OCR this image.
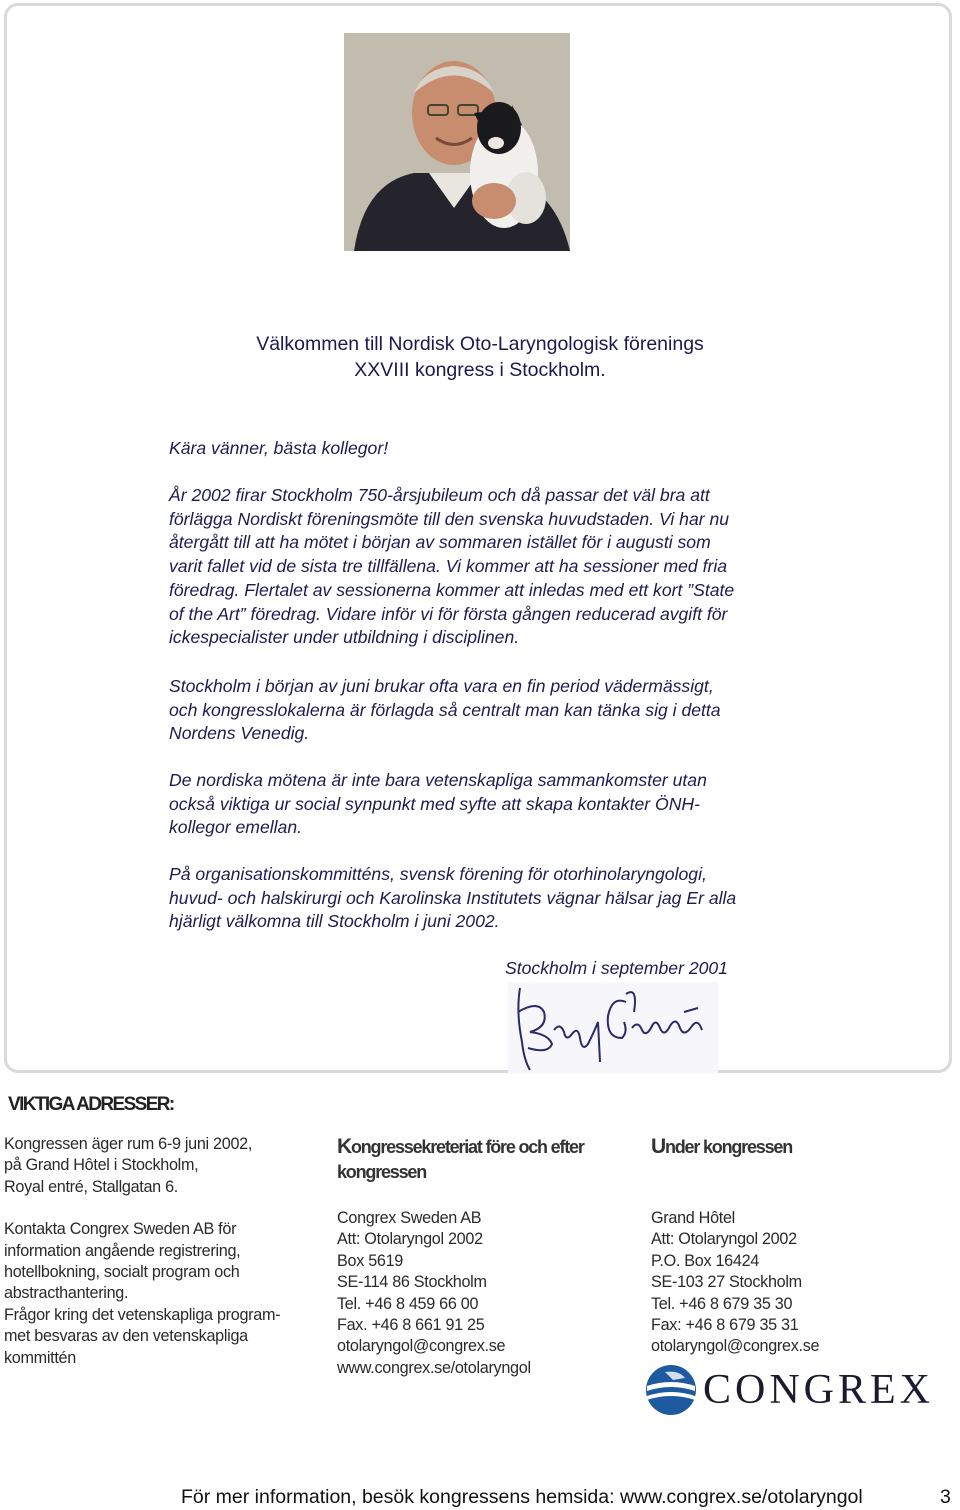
Välkommen till Nordisk Oto-Laryngologisk förenings
XXVIII kongress i Stockholm.
Kära vänner, bästa kollegor!
År 2002 firar Stockholm 750-årsjubileum och då passar det väl bra att
förlägga Nordiskt föreningsmöte till den svenska huvudstaden. Vi har nu
återgått till att ha mötet i början av sommaren istället för i augusti som
varit fallet vid de sista tre tillfällena. Vi kommer att ha sessioner med fria
föredrag. Flertalet av sessionerna kommer att inledas med ett kort ”State
of the Art” föredrag. Vidare inför vi för första gången reducerad avgift för
ickespecialister under utbildning i disciplinen.
Stockholm i början av juni brukar ofta vara en fin period vädermässigt,
och kongresslokalerna är förlagda så centralt man kan tänka sig i detta
Nordens Venedig.
De nordiska mötena är inte bara vetenskapliga sammankomster utan
också viktiga ur social synpunkt med syfte att skapa kontakter ÖNH-
kollegor emellan.
På organisationskommitténs, svensk förening för otorhinolaryngologi,
huvud- och halskirurgi och Karolinska Institutets vägnar hälsar jag Er alla
hjärligt välkomna till Stockholm i juni 2002.
Stockholm i september 2001
VIKTIGA ADRESSER:
Kongressen äger rum 6-9 juni 2002,
på Grand Hôtel i Stockholm,
Royal entré, Stallgatan 6.
Kontakta Congrex Sweden AB för
information angående registrering,
hotellbokning, socialt program och
abstracthantering.
Frågor kring det vetenskapliga program-
met besvaras av den vetenskapliga
kommittén
Kongressekreteriat före och efter
kongressen
Congrex Sweden AB
Att: Otolaryngol 2002
Box 5619
SE-114 86 Stockholm
Tel. +46 8 459 66 00
Fax. +46 8 661 91 25
otolaryngol@congrex.se
www.congrex.se/otolaryngol
Under kongressen
Grand Hôtel
Att: Otolaryngol 2002
P.O. Box 16424
SE-103 27 Stockholm
Tel. +46 8 679 35 30
Fax: +46 8 679 35 31
otolaryngol@congrex.se
CONGREX
För mer information, besök kongressens hemsida: www.congrex.se/otolaryngol	3
